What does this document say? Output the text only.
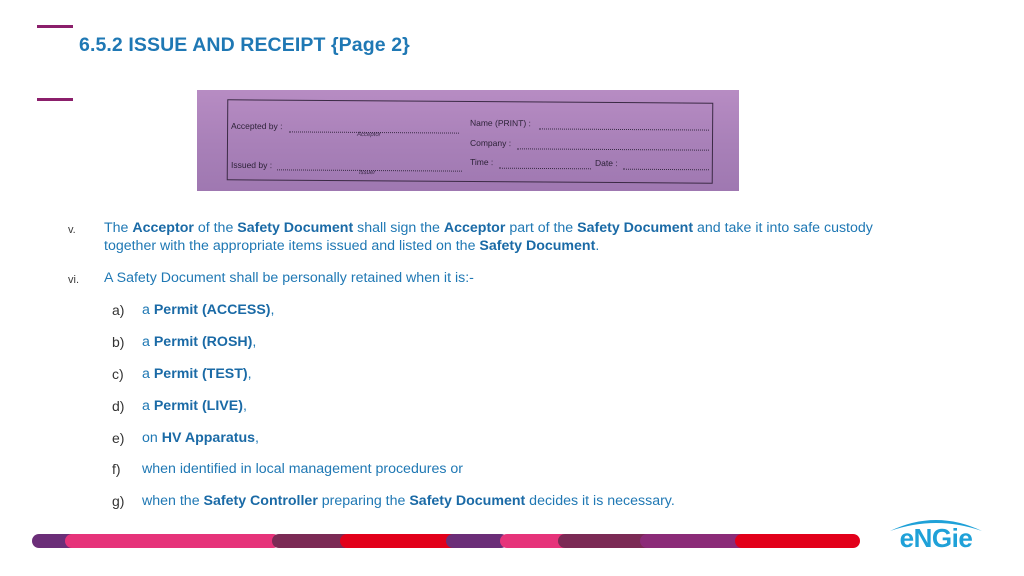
6.5.2 ISSUE AND RECEIPT {Page 2}
Accepted by :
Acceptor
Name (PRINT) :
Company :
Issued by :
Issuer
Time :	Date :
v. The Acceptor of the Safety Document shall sign the Acceptor part of the Safety Document and take it into safe custody together with the appropriate items issued and listed on the Safety Document.
vi. A Safety Document shall be personally retained when it is:-
a) a Permit (ACCESS),
b) a Permit (ROSH),
c) a Permit (TEST),
d) a Permit (LIVE),
e) on HV Apparatus,
f) when identified in local management procedures or
g) when the Safety Controller preparing the Safety Document decides it is necessary.
eNGie
